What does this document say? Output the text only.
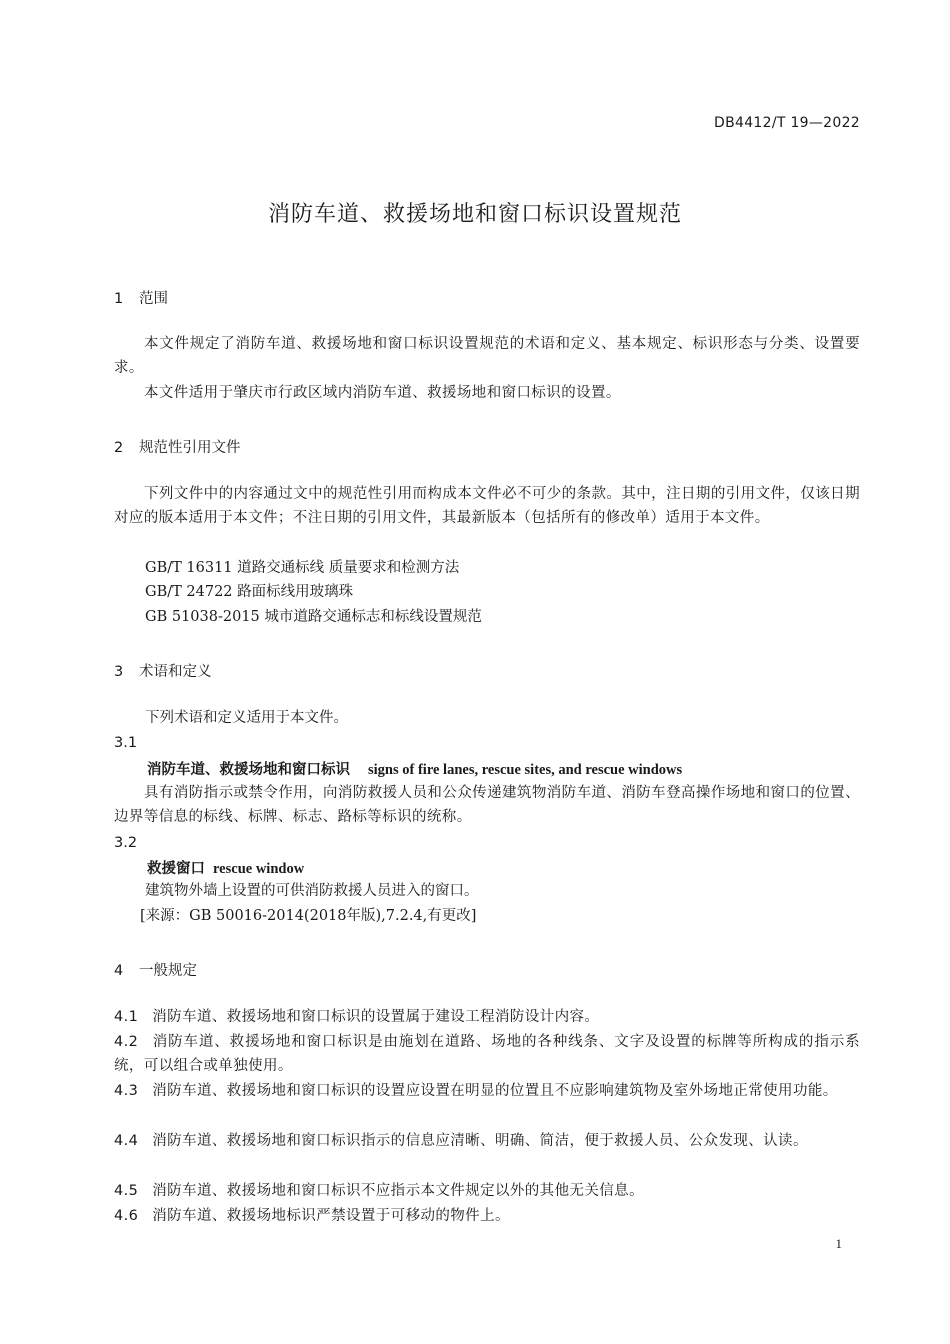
DB4412/T 19—2022
消防车道、救援场地和窗口标识设置规范
1 范围
本文件规定了消防车道、救援场地和窗口标识设置规范的术语和定义、基本规定、标识形态与分类、设置要求。
本文件适用于肇庆市行政区域内消防车道、救援场地和窗口标识的设置。
2 规范性引用文件
下列文件中的内容通过文中的规范性引用而构成本文件必不可少的条款。其中，注日期的引用文件，仅该日期对应的版本适用于本文件；不注日期的引用文件，其最新版本（包括所有的修改单）适用于本文件。
GB/T 16311 道路交通标线 质量要求和检测方法
GB/T 24722 路面标线用玻璃珠
GB 51038-2015 城市道路交通标志和标线设置规范
3 术语和定义
下列术语和定义适用于本文件。
3.1
消防车道、救援场地和窗口标识 signs of fire lanes, rescue sites, and rescue windows
具有消防指示或禁令作用，向消防救援人员和公众传递建筑物消防车道、消防车登高操作场地和窗口的位置、边界等信息的标线、标牌、标志、路标等标识的统称。
3.2
救援窗口 rescue window
建筑物外墙上设置的可供消防救援人员进入的窗口。
[来源：GB 50016-2014(2018年版),7.2.4,有更改]
4 一般规定
4.1 消防车道、救援场地和窗口标识的设置属于建设工程消防设计内容。
4.2 消防车道、救援场地和窗口标识是由施划在道路、场地的各种线条、文字及设置的标牌等所构成的指示系统，可以组合或单独使用。
4.3 消防车道、救援场地和窗口标识的设置应设置在明显的位置且不应影响建筑物及室外场地正常使用功能。
4.4 消防车道、救援场地和窗口标识指示的信息应清晰、明确、简洁，便于救援人员、公众发现、认读。
4.5 消防车道、救援场地和窗口标识不应指示本文件规定以外的其他无关信息。
4.6 消防车道、救援场地标识严禁设置于可移动的物件上。
1
